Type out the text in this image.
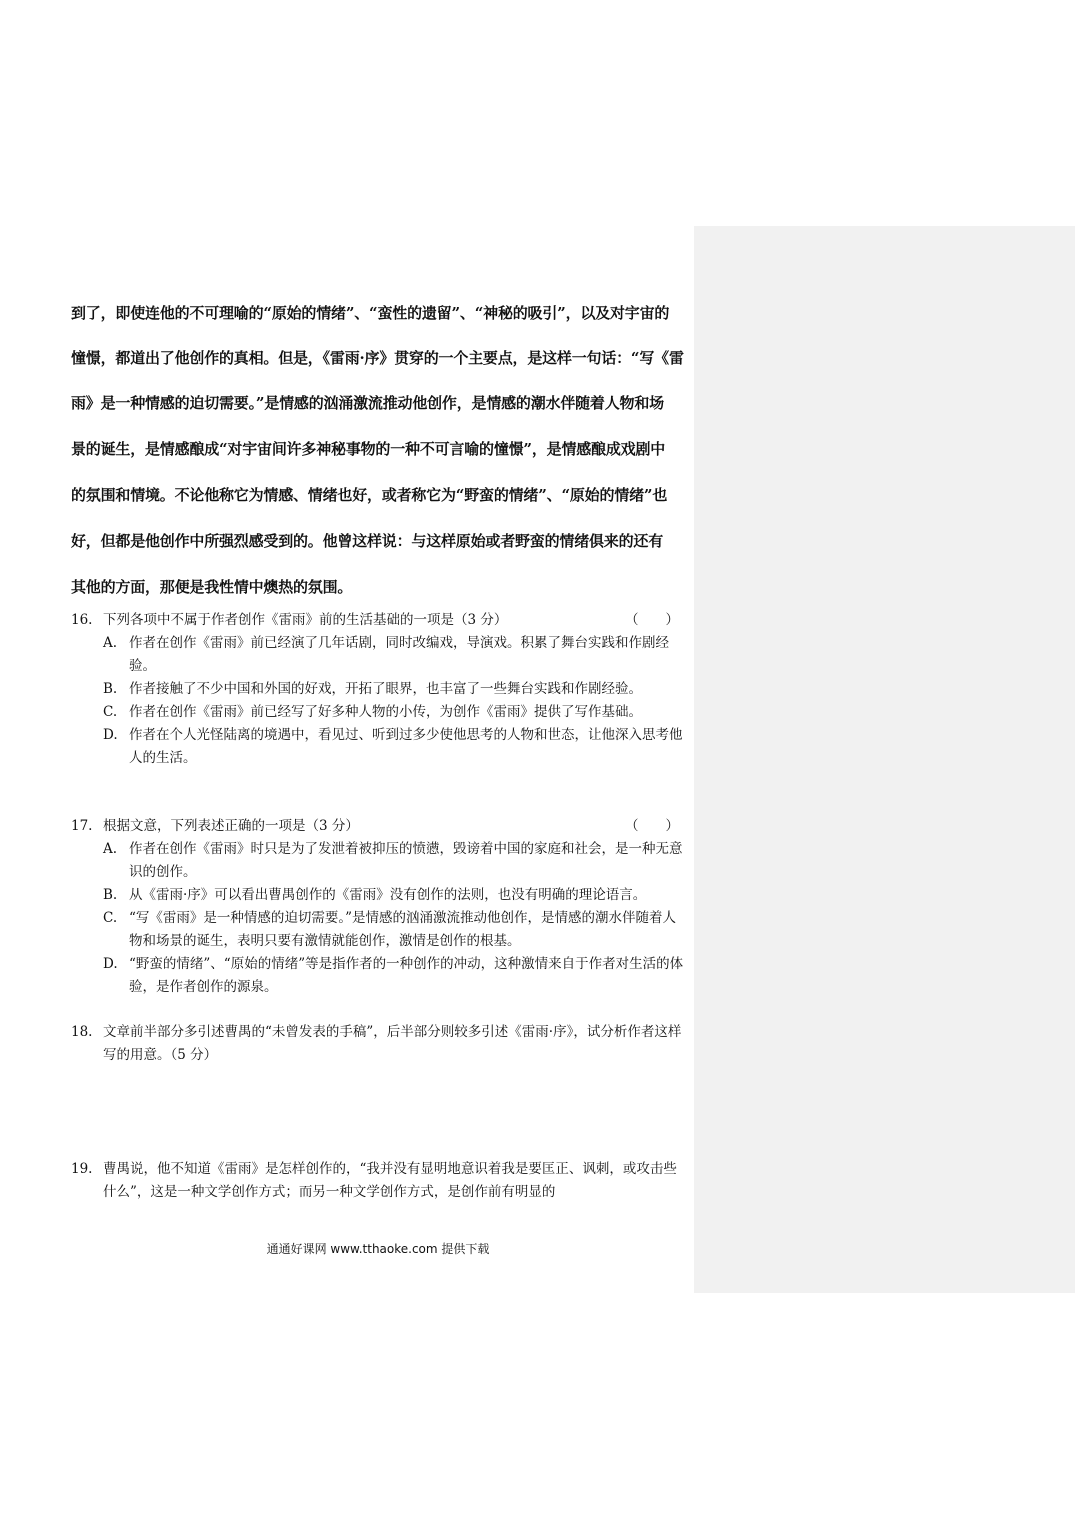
到了，即使连他的不可理喻的“原始的情绪”、“蛮性的遗留”、“神秘的吸引”，以及对宇宙的
憧憬，都道出了他创作的真相。但是，《雷雨·序》贯穿的一个主要点，是这样一句话：“写《雷
雨》是一种情感的迫切需要。”是情感的汹涌激流推动他创作，是情感的潮水伴随着人物和场
景的诞生，是情感酿成“对宇宙间许多神秘事物的一种不可言喻的憧憬”，是情感酿成戏剧中
的氛围和情境。不论他称它为情感、情绪也好，或者称它为“野蛮的情绪”、“原始的情绪”也
好，但都是他创作中所强烈感受到的。他曾这样说：与这样原始或者野蛮的情绪俱来的还有
其他的方面，那便是我性情中燠热的氛围。
16. 下列各项中不属于作者创作《雷雨》前的生活基础的一项是（3 分）	（　　）
A. 作者在创作《雷雨》前已经演了几年话剧，同时改编戏，导演戏。积累了舞台实践和作剧经验。
B. 作者接触了不少中国和外国的好戏，开拓了眼界，也丰富了一些舞台实践和作剧经验。
C. 作者在创作《雷雨》前已经写了好多种人物的小传，为创作《雷雨》提供了写作基础。
D. 作者在个人光怪陆离的境遇中，看见过、听到过多少使他思考的人物和世态，让他深入思考他人的生活。
17. 根据文意，下列表述正确的一项是（3 分）	（　　）
A. 作者在创作《雷雨》时只是为了发泄着被抑压的愤懑，毁谤着中国的家庭和社会，是一种无意识的创作。
B. 从《雷雨·序》可以看出曹禺创作的《雷雨》没有创作的法则，也没有明确的理论语言。
C. “写《雷雨》是一种情感的迫切需要。”是情感的汹涌激流推动他创作，是情感的潮水伴随着人物和场景的诞生，表明只要有激情就能创作，激情是创作的根基。
D. “野蛮的情绪”、“原始的情绪”等是指作者的一种创作的冲动，这种激情来自于作者对生活的体验，是作者创作的源泉。
18. 文章前半部分多引述曹禺的“未曾发表的手稿”，后半部分则较多引述《雷雨·序》，试分析作者这样写的用意。（5 分）
19. 曹禺说，他不知道《雷雨》是怎样创作的，“我并没有显明地意识着我是要匡正、讽刺，或攻击些什么”，这是一种文学创作方式；而另一种文学创作方式，是创作前有明显的
通通好课网 www.tthaoke.com 提供下载
